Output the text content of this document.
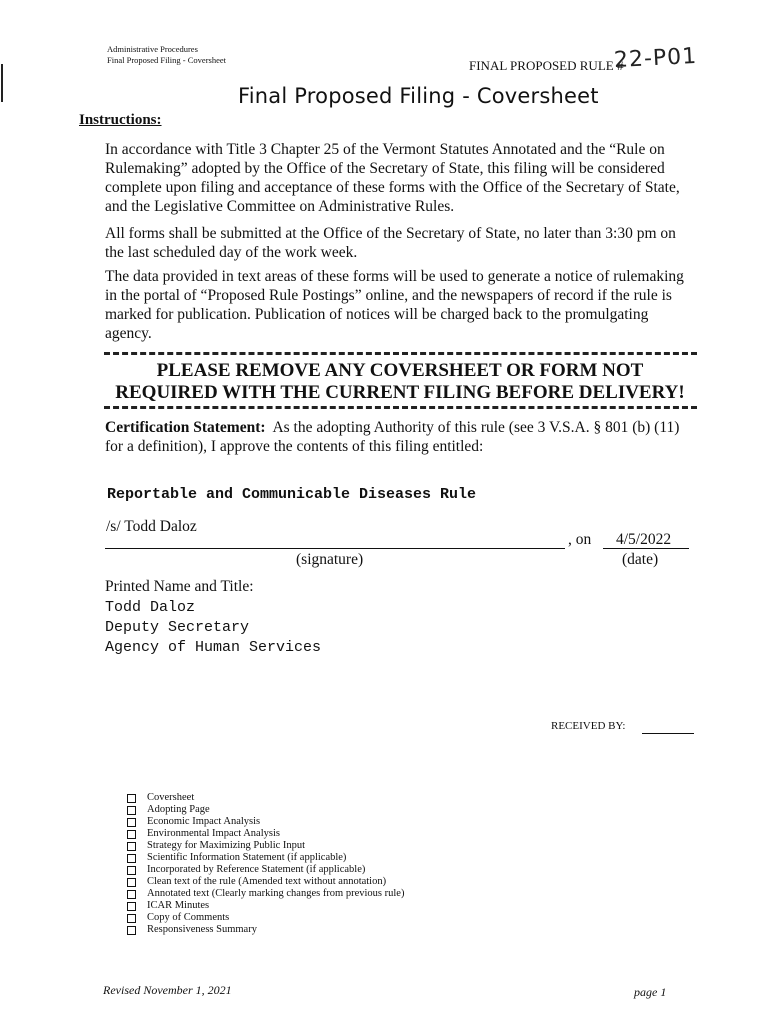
Administrative Procedures
Final Proposed Filing - Coversheet	FINAL PROPOSED RULE #
22-P01
Final Proposed Filing - Coversheet
Instructions:
In accordance with Title 3 Chapter 25 of the Vermont Statutes Annotated and the “Rule on Rulemaking” adopted by the Office of the Secretary of State, this filing will be considered complete upon filing and acceptance of these forms with the Office of the Secretary of State, and the Legislative Committee on Administrative Rules.
All forms shall be submitted at the Office of the Secretary of State, no later than 3:30 pm on the last scheduled day of the work week.
The data provided in text areas of these forms will be used to generate a notice of rulemaking in the portal of “Proposed Rule Postings” online, and the newspapers of record if the rule is marked for publication. Publication of notices will be charged back to the promulgating agency.
PLEASE REMOVE ANY COVERSHEET OR FORM NOT
REQUIRED WITH THE CURRENT FILING BEFORE DELIVERY!
Certification Statement: As the adopting Authority of this rule (see 3 V.S.A. § 801 (b) (11) for a definition), I approve the contents of this filing entitled:
Reportable and Communicable Diseases Rule
/s/ Todd Daloz
, on 4/5/2022
(signature)	(date)
Printed Name and Title:
Todd Daloz
Deputy Secretary
Agency of Human Services
RECEIVED BY:
Coversheet
Adopting Page
Economic Impact Analysis
Environmental Impact Analysis
Strategy for Maximizing Public Input
Scientific Information Statement (if applicable)
Incorporated by Reference Statement (if applicable)
Clean text of the rule (Amended text without annotation)
Annotated text (Clearly marking changes from previous rule)
ICAR Minutes
Copy of Comments
Responsiveness Summary
Revised November 1, 2021	page 1
